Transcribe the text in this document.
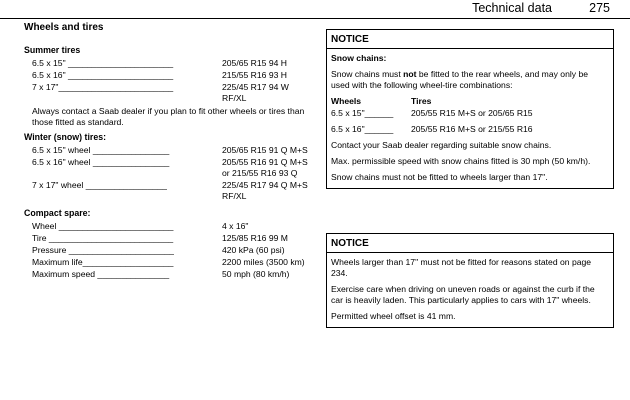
Technical data	275
Wheels and tires
Summer tires
6.5 x 15" ______________________	205/65 R15 94 H
6.5 x 16" ______________________	215/55 R16 93 H
7 x 17"________________________	225/45 R17 94 W RF/XL
Always contact a Saab dealer if you plan to fit other wheels or tires than those fitted as standard.
Winter (snow) tires:
6.5 x 15" wheel ________________	205/65 R15 91 Q M+S
6.5 x 16" wheel ________________	205/55 R16 91 Q M+S or 215/55 R16 93 Q
7 x 17" wheel _________________	225/45 R17 94 Q M+S RF/XL
Compact spare:
Wheel ________________________	4 x 16"
Tire __________________________	125/85 R16 99 M
Pressure ______________________	420 kPa (60 psi)
Maximum life___________________	2200 miles (3500 km)
Maximum speed _______________	50 mph (80 km/h)
NOTICE

Snow chains:

Snow chains must not be fitted to the rear wheels, and may only be used with the following wheel-tire combinations:

Wheels	Tires
6.5 x 15"______	205/55 R15 M+S or 205/65 R15
6.5 x 16"______	205/55 R16 M+S or 215/55 R16

Contact your Saab dealer regarding suitable snow chains.

Max. permissible speed with snow chains fitted is 30 mph (50 km/h).

Snow chains must not be fitted to wheels larger than 17".

NOTICE

Wheels larger than 17" must not be fitted for reasons stated on page 234.

Exercise care when driving on uneven roads or against the curb if the car is heavily laden. This particularly applies to cars with 17" wheels.

Permitted wheel offset is 41 mm.
